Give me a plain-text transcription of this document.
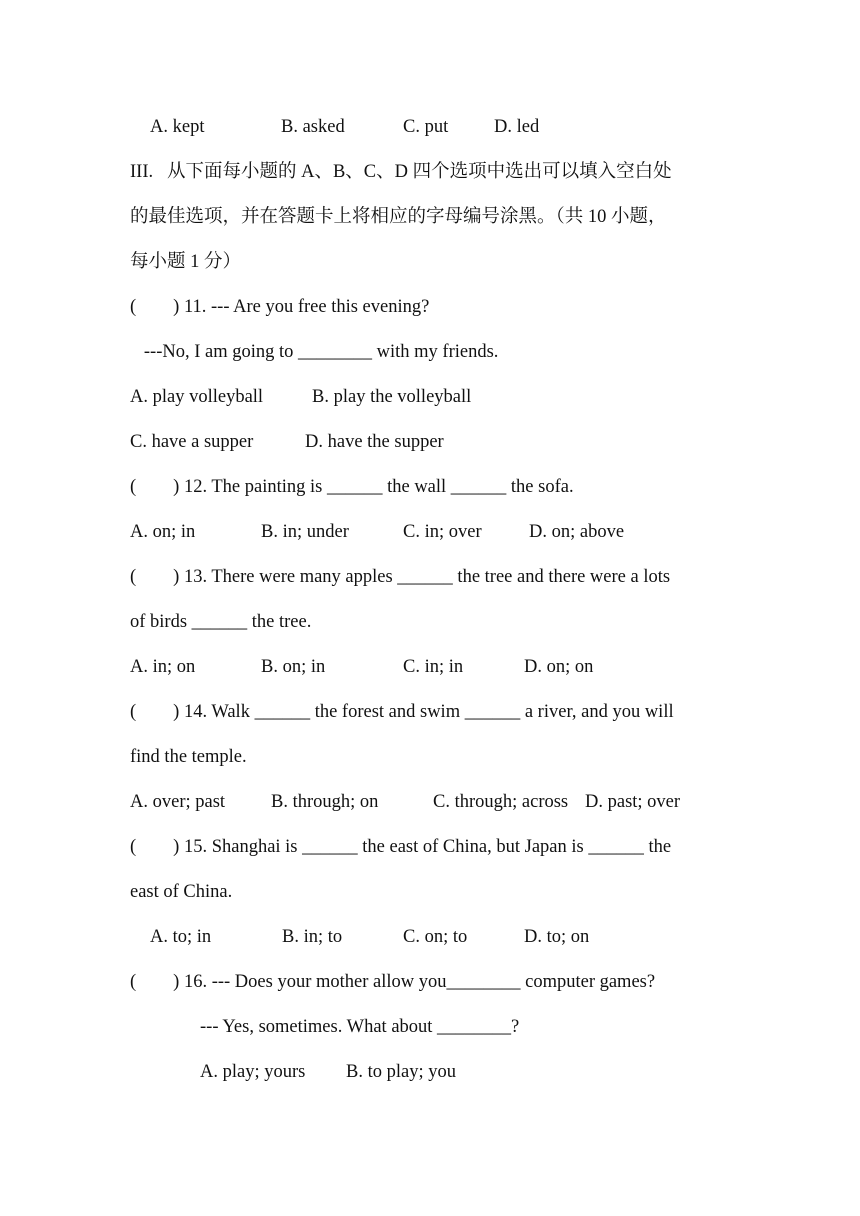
A. kept	B. asked	C. put D. led
III.   从下面每小题的 A、B、C、D 四个选项中选出可以填入空白处
的最佳选项，并在答题卡上将相应的字母编号涂黑。（共 10 小题，
每小题 1 分）
(        ) 11. --- Are you free this evening?
---No, I am going to ________ with my friends.
A. play volleyball	B. play the volleyball
C. have a supper	D. have the supper
(        ) 12. The painting is ______ the wall ______ the sofa.
A. on; in	B. in; under	C. in; over	D. on; above
(        ) 13. There were many apples ______ the tree and there were a lots
of birds ______ the tree.
A. in; on	B. on; in	C. in; in	D. on; on
(        ) 14. Walk ______ the forest and swim ______ a river, and you will
find the temple.
A. over; past B. through; on	C. through; across D. past; over
(        ) 15. Shanghai is ______ the east of China, but Japan is ______ the
east of China.
A. to; in	B. in; to	C. on; to	D. to; on
(        ) 16. --- Does your mother allow you________ computer games?
--- Yes, sometimes. What about ________?
A. play; yours B. to play; you
